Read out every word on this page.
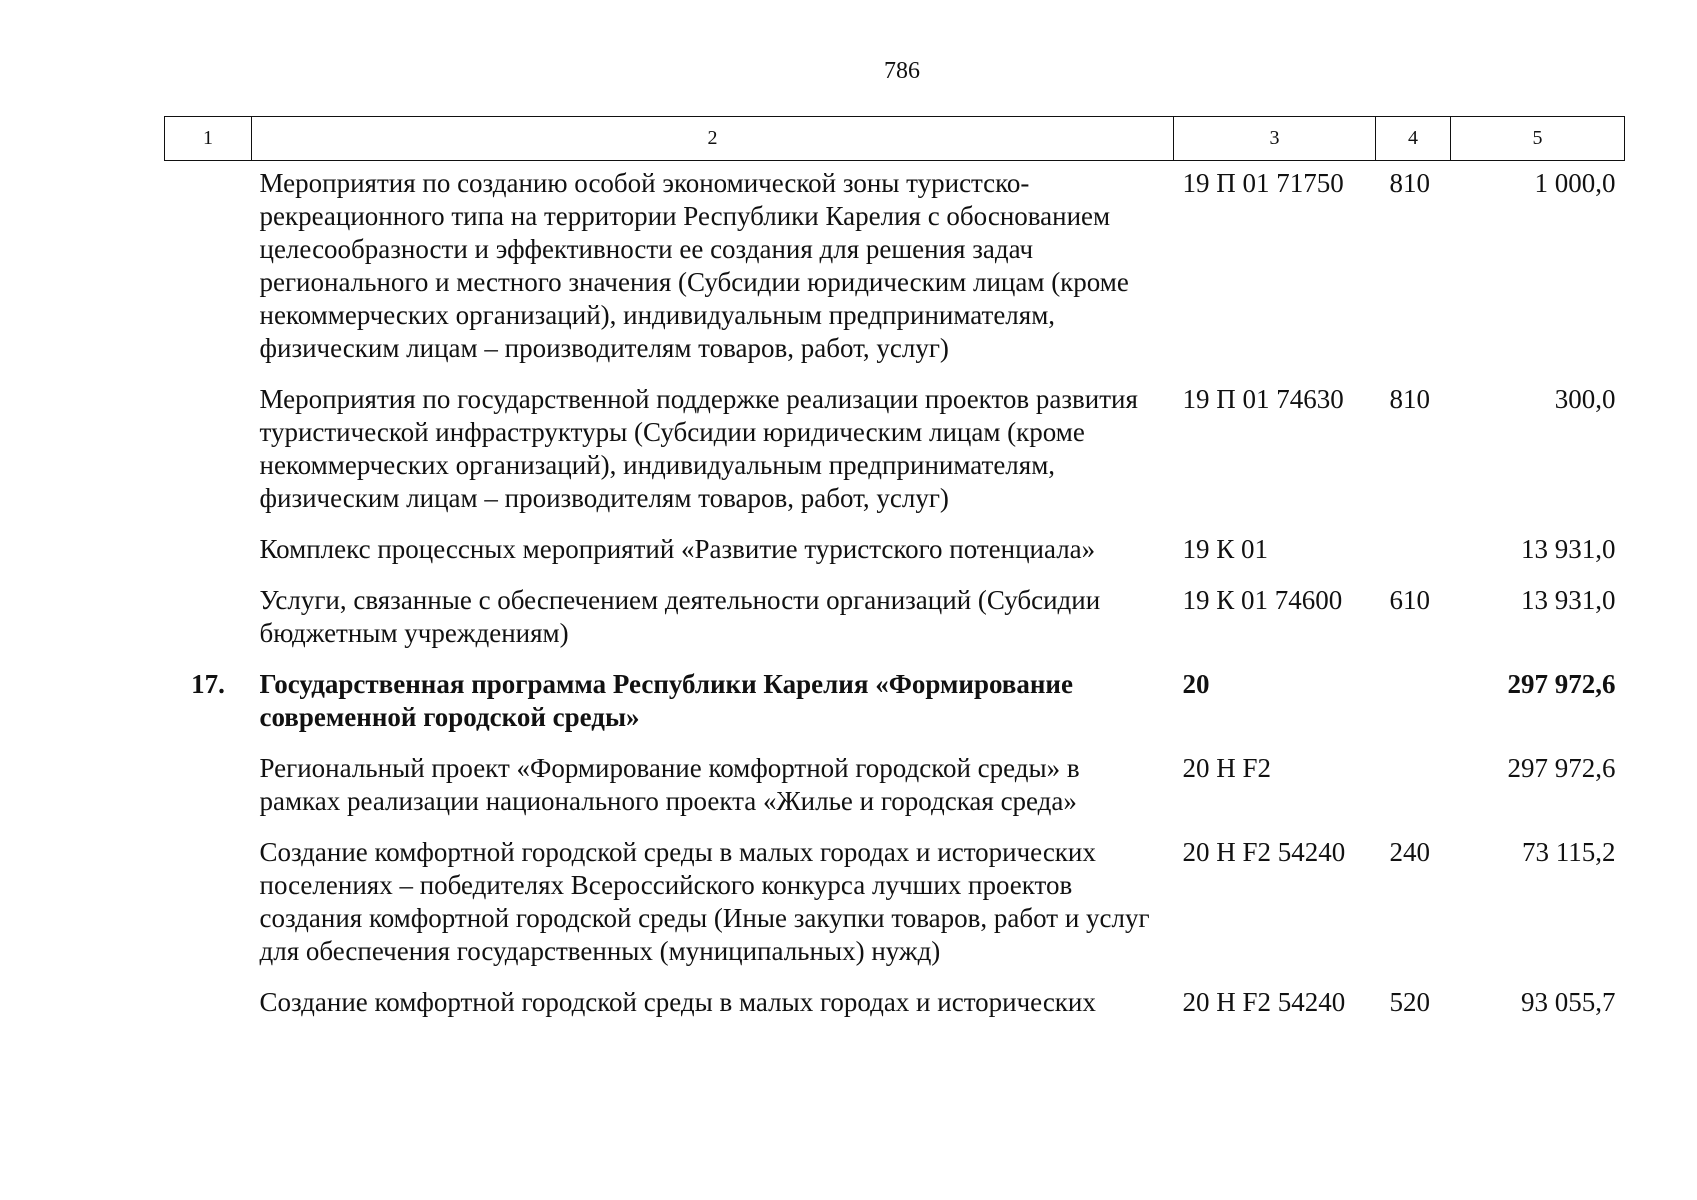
786
1	2	3	4	5
	Мероприятия по созданию особой экономической зоны туристско-рекреационного типа на территории Республики Карелия с обоснованием целесообразности и эффективности ее создания для решения задач регионального и местного значения (Субсидии юридическим лицам (кроме некоммерческих организаций), индивидуальным предпринимателям, физическим лицам – производителям товаров, работ, услуг)	19 П 01 71750	810	1 000,0
	Мероприятия по государственной поддержке реализации проектов развития туристической инфраструктуры (Субсидии юридическим лицам (кроме некоммерческих организаций), индивидуальным предпринимателям, физическим лицам – производителям товаров, работ, услуг)	19 П 01 74630	810	300,0
	Комплекс процессных мероприятий «Развитие туристского потенциала»	19 К 01		13 931,0
	Услуги, связанные с обеспечением деятельности организаций (Субсидии бюджетным учреждениям)	19 К 01 74600	610	13 931,0
17.	Государственная программа Республики Карелия «Формирование современной городской среды»	20		297 972,6
	Региональный проект «Формирование комфортной городской среды» в рамках реализации национального проекта «Жилье и городская среда»	20 Н F2		297 972,6
	Создание комфортной городской среды в малых городах и исторических поселениях – победителях Всероссийского конкурса лучших проектов создания комфортной городской среды (Иные закупки товаров, работ и услуг для обеспечения государственных (муниципальных) нужд)	20 Н F2 54240	240	73 115,2
	Создание комфортной городской среды в малых городах и исторических	20 Н F2 54240	520	93 055,7
